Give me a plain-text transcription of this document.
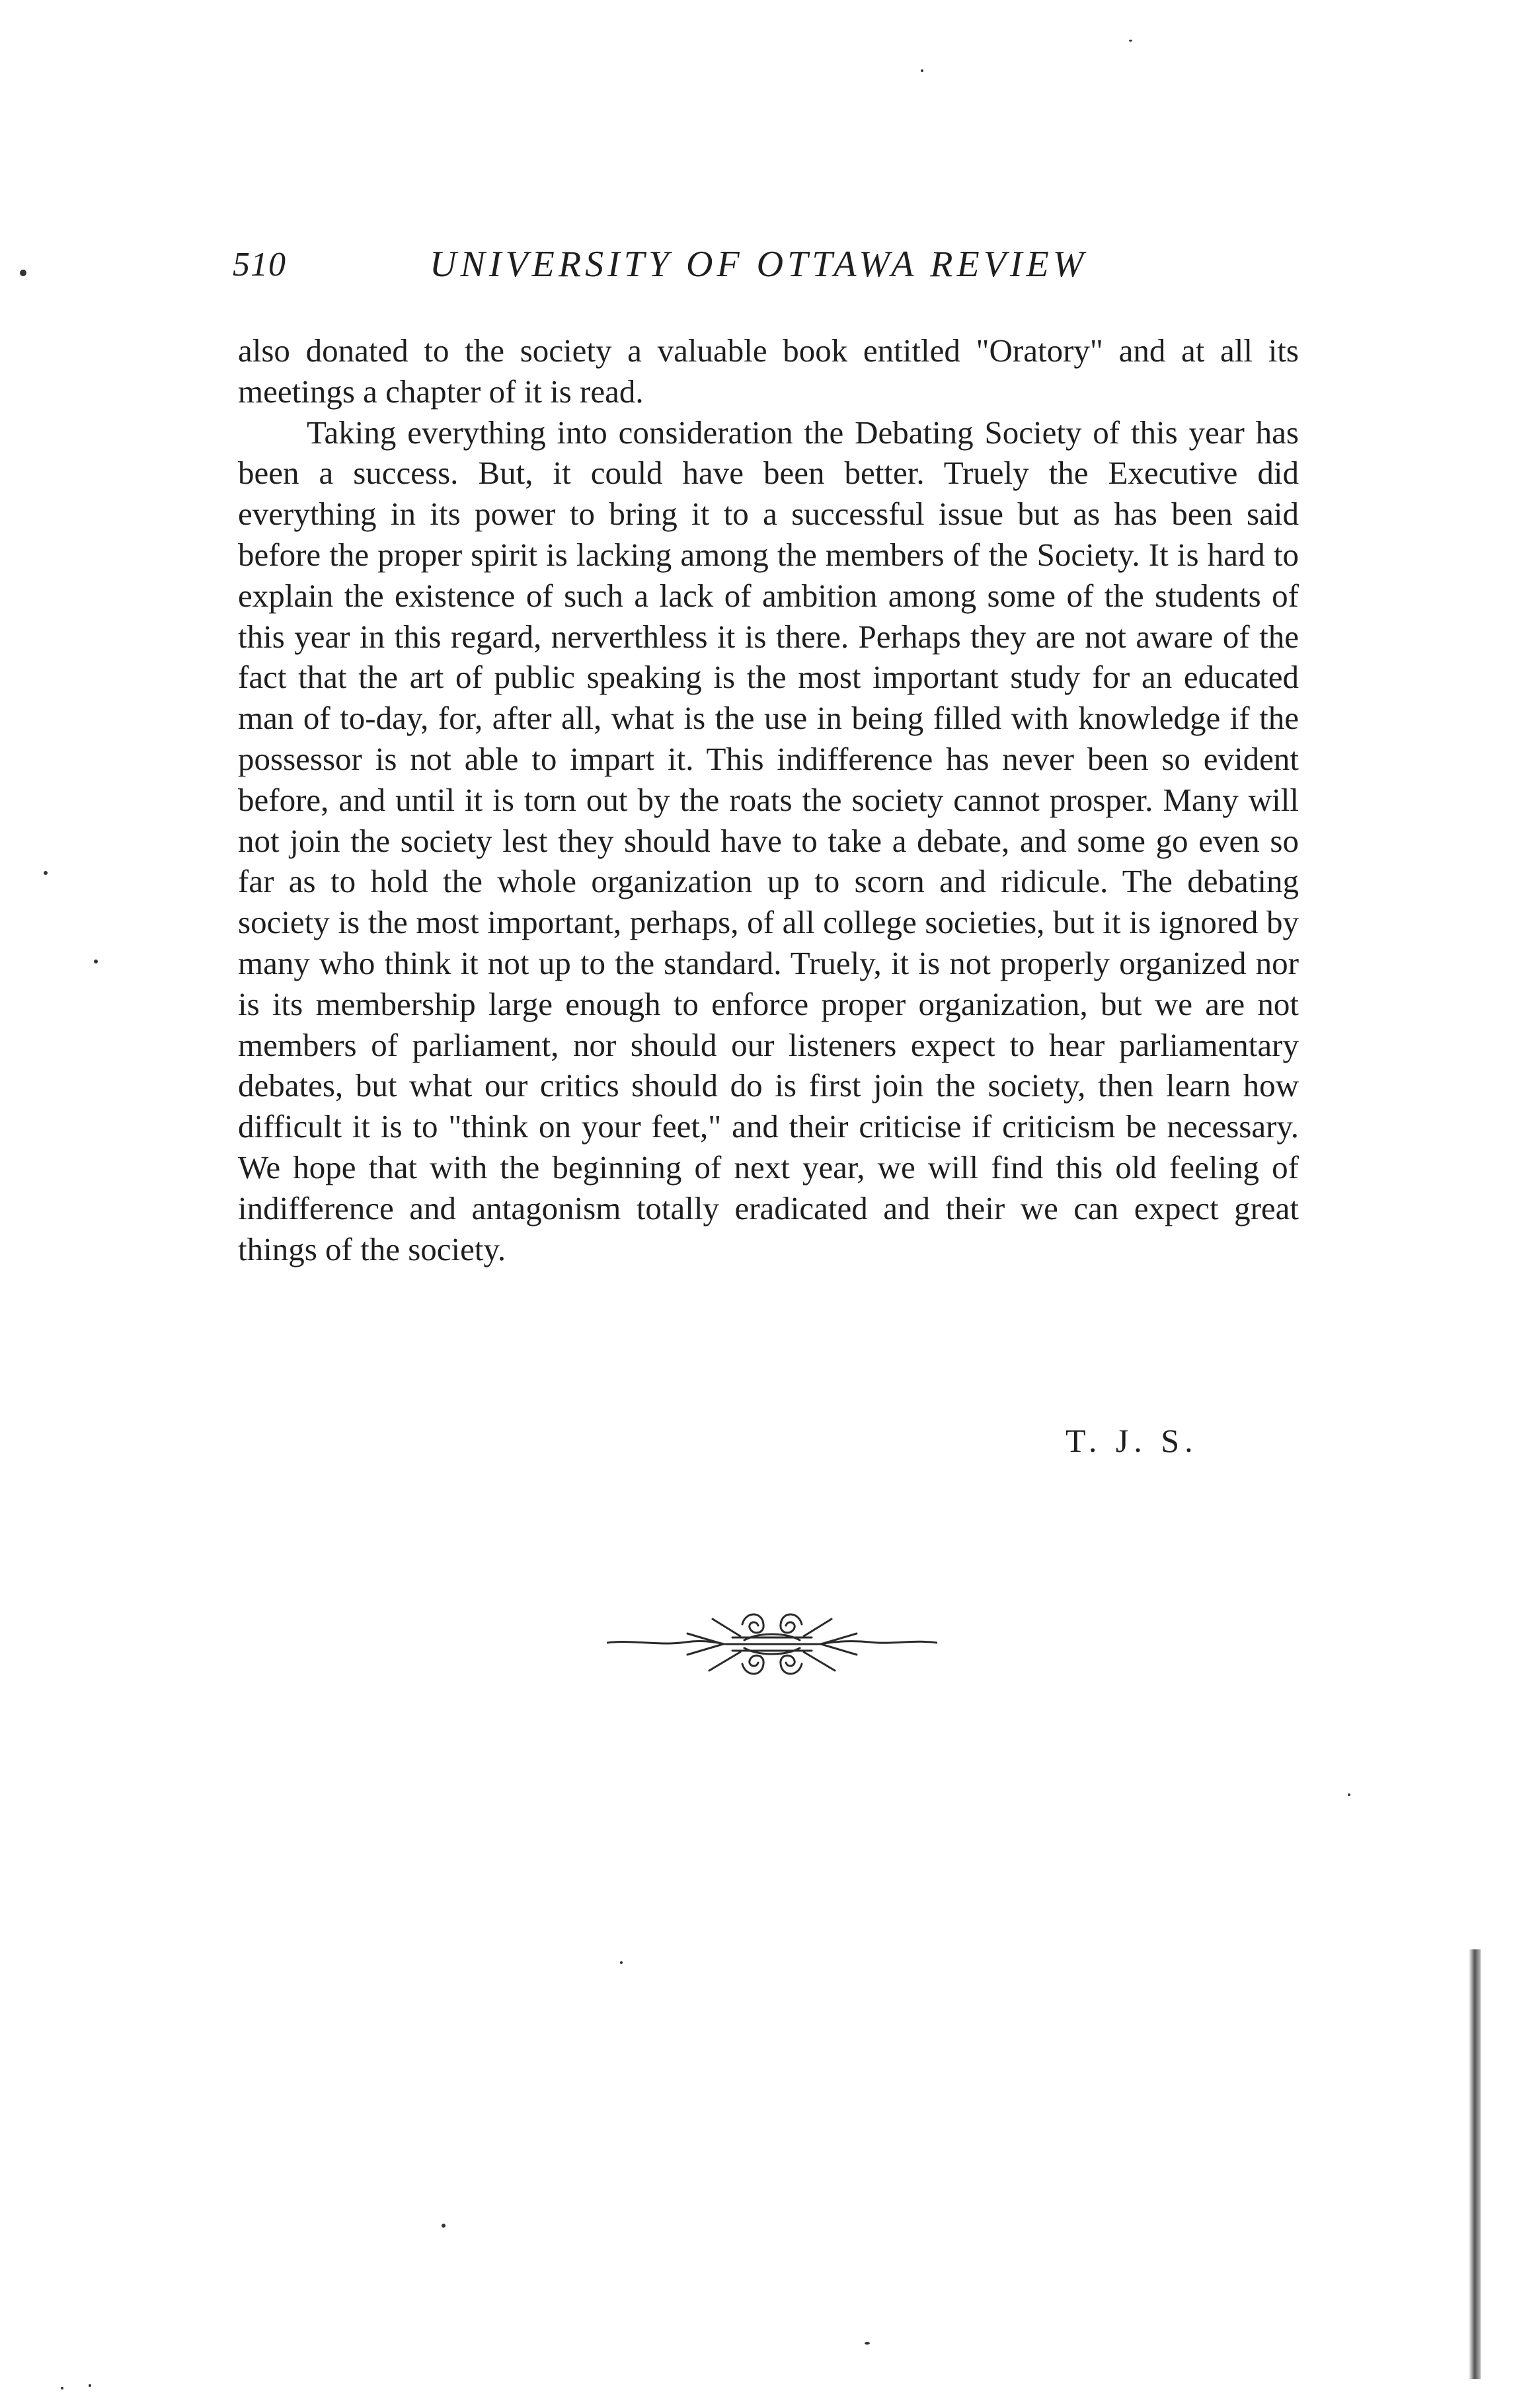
510	UNIVERSITY OF OTTAWA REVIEW

also donated to the society a valuable book entitled "Oratory" and at all its meetings a chapter of it is read.

Taking everything into consideration the Debating Society of this year has been a success. But, it could have been better. Truely the Executive did everything in its power to bring it to a successful issue but as has been said before the proper spirit is lacking among the members of the Society. It is hard to explain the existence of such a lack of ambition among some of the students of this year in this regard, nerverthless it is there. Perhaps they are not aware of the fact that the art of public speaking is the most important study for an educated man of to-day, for, after all, what is the use in being filled with knowledge if the possessor is not able to impart it. This indifference has never been so evident before, and until it is torn out by the roats the society cannot prosper. Many will not join the society lest they should have to take a debate, and some go even so far as to hold the whole organization up to scorn and ridicule. The debating society is the most important, perhaps, of all college societies, but it is ignored by many who think it not up to the standard. Truely, it is not properly organized nor is its membership large enough to enforce proper organization, but we are not members of parliament, nor should our listeners expect to hear parliamentary debates, but what our critics should do is first join the society, then learn how difficult it is to "think on your feet," and their criticise if criticism be necessary. We hope that with the beginning of next year, we will find this old feeling of indifference and antagonism totally eradicated and their we can expect great things of the society.

T. J. S.
